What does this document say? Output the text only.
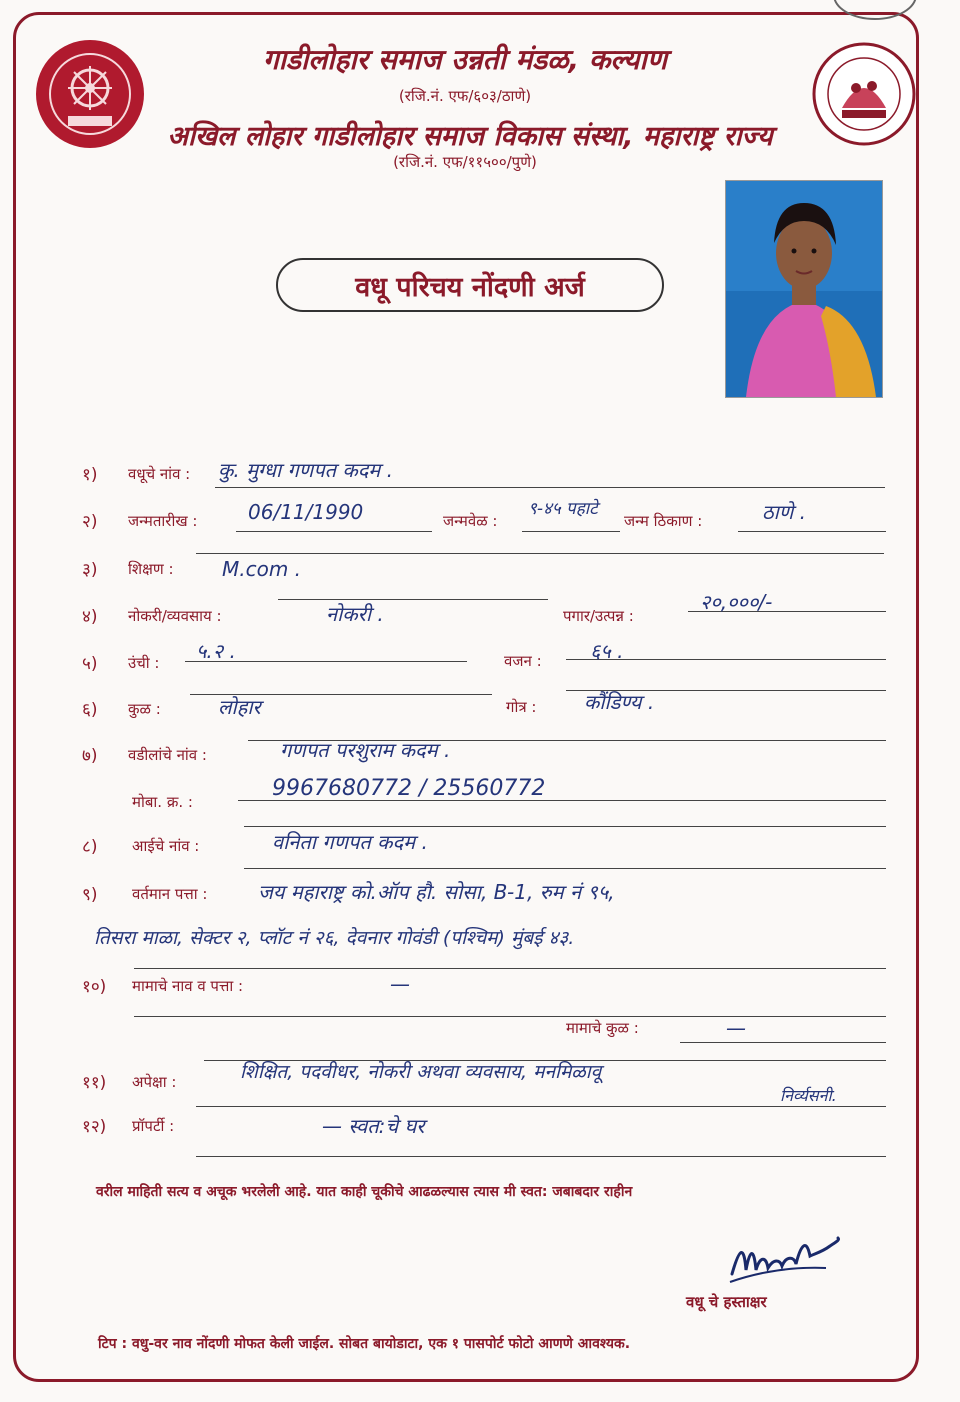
गाडीलोहार समाज उन्नती मंडळ, कल्याण
(रजि.नं. एफ/६०३/ठाणे)
अखिल लोहार गाडीलोहार समाज विकास संस्था, महाराष्ट्र राज्य
(रजि.नं. एफ/११५००/पुणे)
वधू परिचय नोंदणी अर्ज
१) वधूचे नांव : कु. मुग्धा गणपत कदम .
२) जन्मतारीख :	06/11/1990	जन्मवेळ :
९-४५ पहाटे
जन्म ठिकाण :	ठाणे .
३) शिक्षण : M.com .
४) नोकरी/व्यवसाय :	नोकरी .	पगार/उत्पन्न :
२०,०००/-
५) उंची : ५.२ .	वजन : ६५ .
६) कुळ :	लोहार	गोत्र : कौंडिण्य .
७) वडीलांचे नांव :	गणपत परशुराम कदम .
मोबा. क्र. :
9967680772 / 25560772
८) आईचे नांव :	वनिता गणपत कदम .
९) वर्तमान पत्ता :	जय महाराष्ट्र को.ऑप हौ. सोसा, B-1, रुम नं ९५,
तिसरा माळा, सेक्टर २, प्लॉट नं २६, देवनार गोवंडी (पश्चिम) मुंबई ४३.
१०) मामाचे नाव व पत्ता :	—
मामाचे कुळ :	—
११) अपेक्षा :	शिक्षित, पदवीधर, नोकरी अथवा व्यवसाय, मनमिळावू
निर्व्यसनी.
१२) प्रॉपर्टी :	— स्वत:चे घर
वरील माहिती सत्य व अचूक भरलेली आहे. यात काही चूकीचे आढळल्यास त्यास मी स्वत: जबाबदार राहीन
वधू चे हस्ताक्षर
टिप : वधु-वर नाव नोंदणी मोफत केली जाईल. सोबत बायोडाटा, एक १ पासपोर्ट फोटो आणणे आवश्यक.
